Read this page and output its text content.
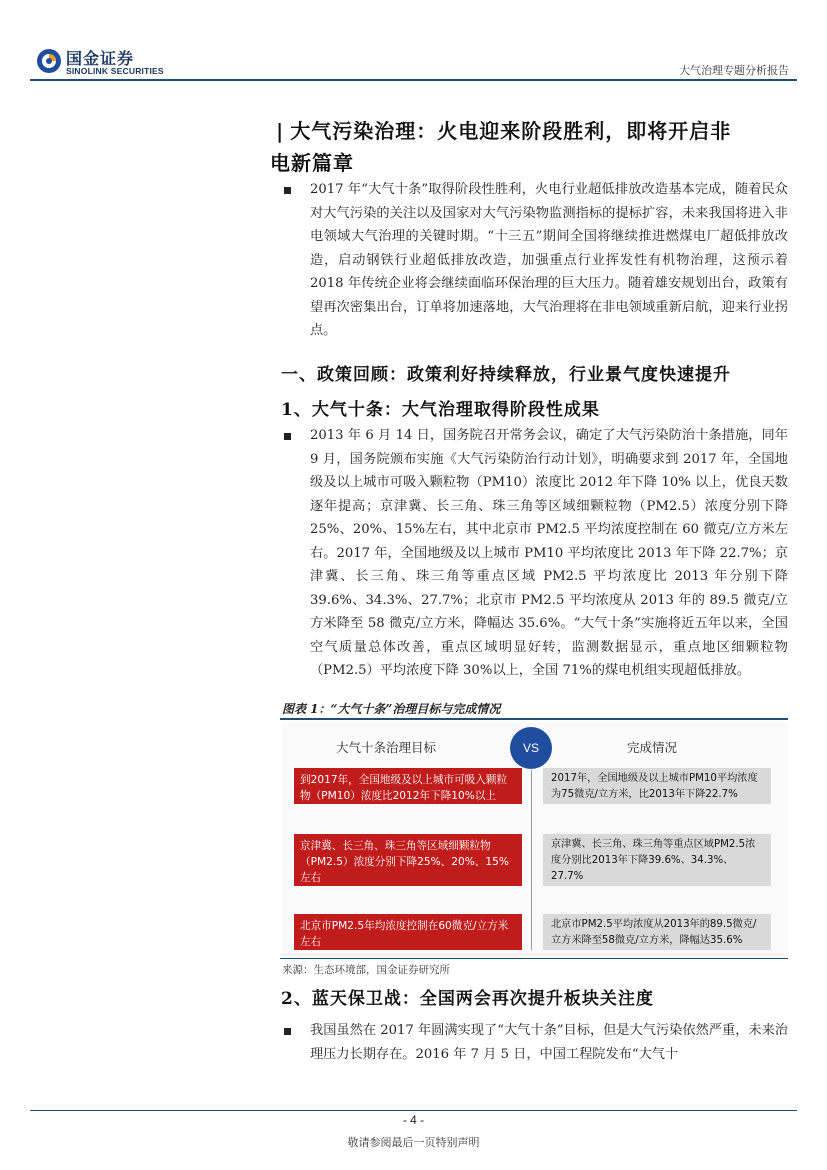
国金证券
SINOLINK SECURITIES	大气治理专题分析报告
| 大气污染治理：火电迎来阶段胜利，即将开启非
电新篇章
2017 年“大气十条”取得阶段性胜利，火电行业超低排放改造基本完成，随着民众对大气污染的关注以及国家对大气污染物监测指标的提标扩容，未来我国将进入非电领域大气治理的关键时期。“十三五”期间全国将继续推进燃煤电厂超低排放改造，启动钢铁行业超低排放改造，加强重点行业挥发性有机物治理，这预示着 2018 年传统企业将会继续面临环保治理的巨大压力。随着雄安规划出台，政策有望再次密集出台，订单将加速落地，大气治理将在非电领域重新启航，迎来行业拐点。
一、政策回顾：政策利好持续释放，行业景气度快速提升
1、大气十条：大气治理取得阶段性成果
2013 年 6 月 14 日，国务院召开常务会议，确定了大气污染防治十条措施，同年 9 月，国务院颁布实施《大气污染防治行动计划》，明确要求到 2017 年，全国地级及以上城市可吸入颗粒物（PM10）浓度比 2012 年下降 10% 以上，优良天数逐年提高；京津冀、长三角、珠三角等区域细颗粒物（PM2.5）浓度分别下降 25%、20%、15%左右，其中北京市 PM2.5 平均浓度控制在 60 微克/立方米左右。2017 年，全国地级及以上城市 PM10 平均浓度比 2013 年下降 22.7%；京津冀、长三角、珠三角等重点区域 PM2.5 平均浓度比 2013 年分别下降 39.6%、34.3%、27.7%；北京市 PM2.5 平均浓度从 2013 年的 89.5 微克/立方米降至 58 微克/立方米，降幅达 35.6%。“大气十条”实施将近五年以来，全国空气质量总体改善，重点区域明显好转，监测数据显示，重点地区细颗粒物（PM2.5）平均浓度下降 30%以上，全国 71%的煤电机组实现超低排放。
图表 1：“大气十条”治理目标与完成情况
大气十条治理目标	完成情况
VS
到2017年，全国地级及以上城市可吸入颗粒物（PM10）浓度比2012年下降10%以上
京津冀、长三角、珠三角等区域细颗粒物（PM2.5）浓度分别下降25%、20%、15%左右
北京市PM2.5年均浓度控制在60微克/立方米左右
2017年，全国地级及以上城市PM10平均浓度为75微克/立方米，比2013年下降22.7%
京津冀、长三角、珠三角等重点区域PM2.5浓度分别比2013年下降39.6%、34.3%、27.7%
北京市PM2.5平均浓度从2013年的89.5微克/立方米降至58微克/立方米，降幅达35.6%
来源：生态环境部，国金证券研究所
2、蓝天保卫战：全国两会再次提升板块关注度
我国虽然在 2017 年圆满实现了“大气十条”目标，但是大气污染依然严重，未来治理压力长期存在。2016 年 7 月 5 日，中国工程院发布“大气十
- 4 -
敬请参阅最后一页特别声明
